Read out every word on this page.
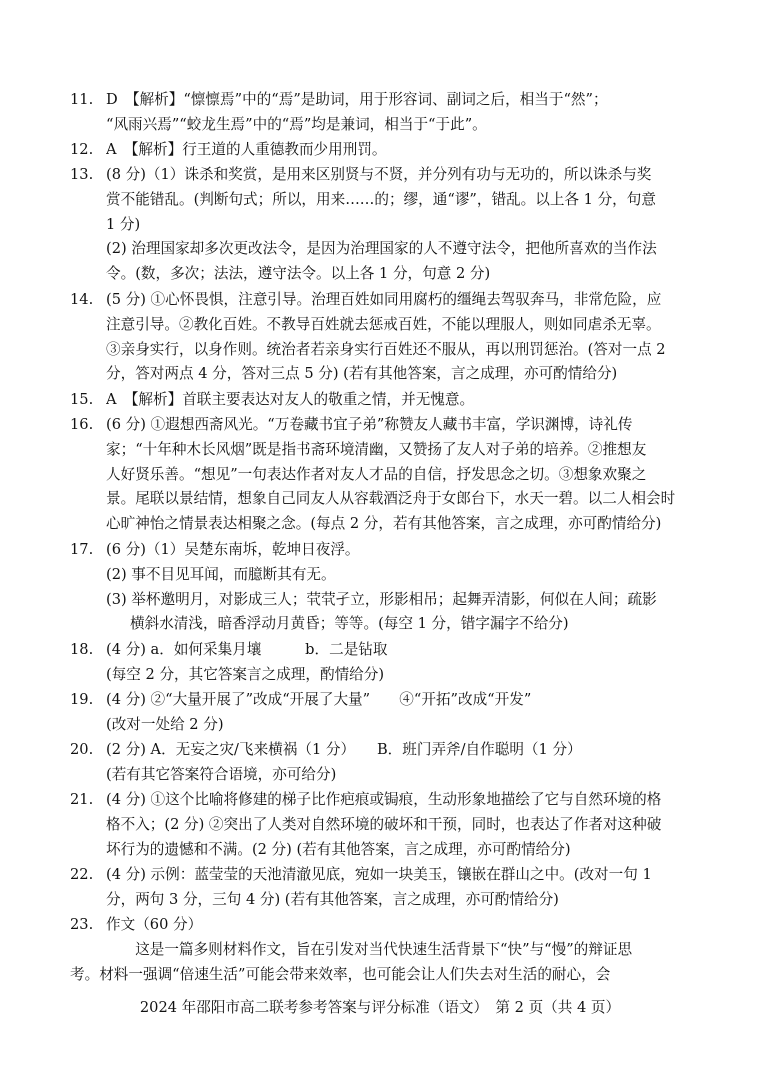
11. D　【解析】“懔懔焉”中的“焉”是助词，用于形容词、副词之后，相当于“然”；

“风雨兴焉”“蛟龙生焉”中的“焉”均是兼词，相当于“于此”。

12. A　【解析】行王道的人重德教而少用刑罚。

13. (8 分)（1）诛杀和奖赏，是用来区别贤与不贤，并分列有功与无功的，所以诛杀与奖

赏不能错乱。(判断句式；所以，用来……的；缪，通“谬”，错乱。以上各 1 分，句意

1 分)

(2) 治理国家却多次更改法令，是因为治理国家的人不遵守法令，把他所喜欢的当作法

令。(数，多次；法法，遵守法令。以上各 1 分，句意 2 分)

14. (5 分) ①心怀畏惧，注意引导。治理百姓如同用腐朽的缰绳去驾驭奔马，非常危险，应

注意引导。②教化百姓。不教导百姓就去惩戒百姓，不能以理服人，则如同虐杀无辜。

③亲身实行，以身作则。统治者若亲身实行百姓还不服从，再以刑罚惩治。(答对一点 2

分，答对两点 4 分，答对三点 5 分) (若有其他答案，言之成理，亦可酌情给分)

15. A　【解析】首联主要表达对友人的敬重之情，并无愧意。

16. (6 分) ①遐想西斋风光。“万卷藏书宜子弟”称赞友人藏书丰富，学识渊博，诗礼传

家；“十年种木长风烟”既是指书斋环境清幽，又赞扬了友人对子弟的培养。②推想友

人好贤乐善。“想见”一句表达作者对友人才品的自信，抒发思念之切。③想象欢聚之

景。尾联以景结情，想象自己同友人从容载酒泛舟于女郎台下，水天一碧。以二人相会时

心旷神怡之情景表达相聚之念。(每点 2 分，若有其他答案，言之成理，亦可酌情给分)

17. (6 分)（1）吴楚东南坼，乾坤日夜浮。

(2) 事不目见耳闻，而臆断其有无。

(3) 举杯邀明月，对影成三人；茕茕孑立，形影相吊；起舞弄清影，何似在人间；疏影

横斜水清浅，暗香浮动月黄昏；等等。(每空 1 分，错字漏字不给分)

18. (4 分) a．如何采集月壤　　　b．二是钻取

(每空 2 分，其它答案言之成理，酌情给分)

19. (4 分) ②“大量开展了”改成“开展了大量”　　④“开拓”改成“开发”

(改对一处给 2 分)

20. (2 分) A．无妄之灾/飞来横祸（1 分）　　B．班门弄斧/自作聪明（1 分）

(若有其它答案符合语境，亦可给分)

21. (4 分) ①这个比喻将修建的梯子比作疤痕或锔痕，生动形象地描绘了它与自然环境的格

格不入；(2 分) ②突出了人类对自然环境的破坏和干预，同时，也表达了作者对这种破

坏行为的遗憾和不满。(2 分) (若有其他答案，言之成理，亦可酌情给分)

22. (4 分) 示例：蓝莹莹的天池清澈见底，宛如一块美玉，镶嵌在群山之中。(改对一句 1

分，两句 3 分，三句 4 分) (若有其他答案，言之成理，亦可酌情给分)

23. 作文（60 分）

　　这是一篇多则材料作文，旨在引发对当代快速生活背景下“快”与“慢”的辩证思

考。材料一强调“倍速生活”可能会带来效率，也可能会让人们失去对生活的耐心，会

2024 年邵阳市高二联考参考答案与评分标准（语文）　第 2 页（共 4 页）
